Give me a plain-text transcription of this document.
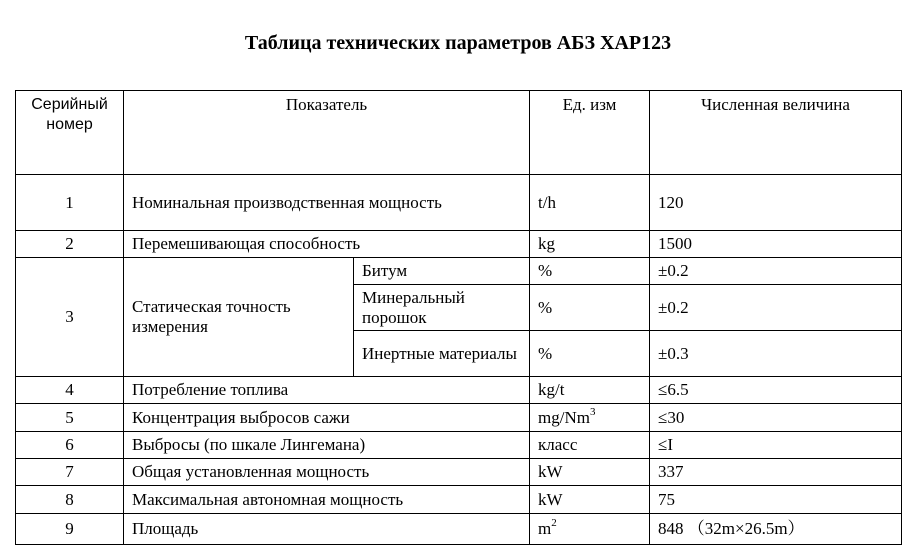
Таблица технических параметров АБЗ ХАР123
Серийный номер	Показатель		Ед. изм	Численная величина
1	Номинальная производственная мощность		t/h	120
2	Перемешивающая способность		kg	1500
3	Статическая точность измерения	Битум	%	±0.2
		Минеральный порошок	%	±0.2
		Инертные материалы	%	±0.3
4	Потребление топлива		kg/t	≤6.5
5	Концентрация выбросов сажи		$mg/Nm^3$	≤30
6	Выбросы (по шкале Лингемана)		класс	≤I
7	Общая установленная мощность		kW	337
8	Максимальная автономная мощность		kW	75
9	Площадь		$m^2$	848 （32m×26.5m）
